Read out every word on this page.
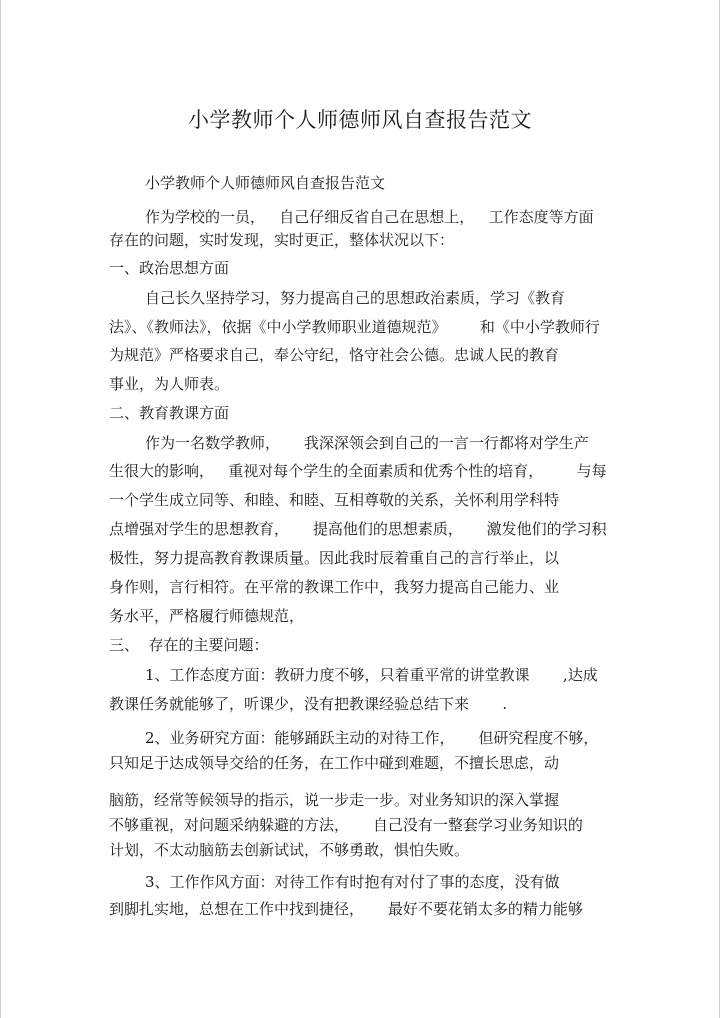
小学教师个人师德师风自查报告范文

小学教师个人师德师风自查报告范文

作为学校的一员，   自己仔细反省自己在思想上，   工作态度等方面

存在的问题，实时发现，实时更正，整体状况以下：

一、政治思想方面

自己长久坚持学习，努力提高自己的思想政治素质，学习《教育

法》、《教师法》，依据《中小学教师职业道德规范》       和《中小学教师行

为规范》严格要求自己，奉公守纪，恪守社会公德。忠诚人民的教育

事业，为人师表。

二、教育教课方面

作为一名数学教师，     我深深领会到自己的一言一行都将对学生产

生很大的影响，   重视对每个学生的全面素质和优秀个性的培育，       与每

一个学生成立同等、和睦、和睦、互相尊敬的关系，关怀利用学科特

点增强对学生的思想教育，     提高他们的思想素质，     激发他们的学习积

极性，努力提高教育教课质量。因此我时辰着重自己的言行举止，以

身作则，言行相符。在平常的教课工作中，我努力提高自己能力、业

务水平，严格履行师德规范，

三、  存在的主要问题：

1、工作态度方面：教研力度不够，只着重平常的讲堂教课       ,达成

教课任务就能够了，听课少，没有把教课经验总结下来       .

2、业务研究方面：能够踊跃主动的对待工作，     但研究程度不够，

只知足于达成领导交给的任务，在工作中碰到难题，不擅长思虑，动

脑筋，经常等候领导的指示，说一步走一步。对业务知识的深入掌握

不够重视，对问题采纳躲避的方法，     自己没有一整套学习业务知识的

计划，不太动脑筋去创新试试，不够勇敢，惧怕失败。

3、工作作风方面：对待工作有时抱有对付了事的态度，没有做

到脚扎实地，总想在工作中找到捷径，     最好不要花销太多的精力能够
